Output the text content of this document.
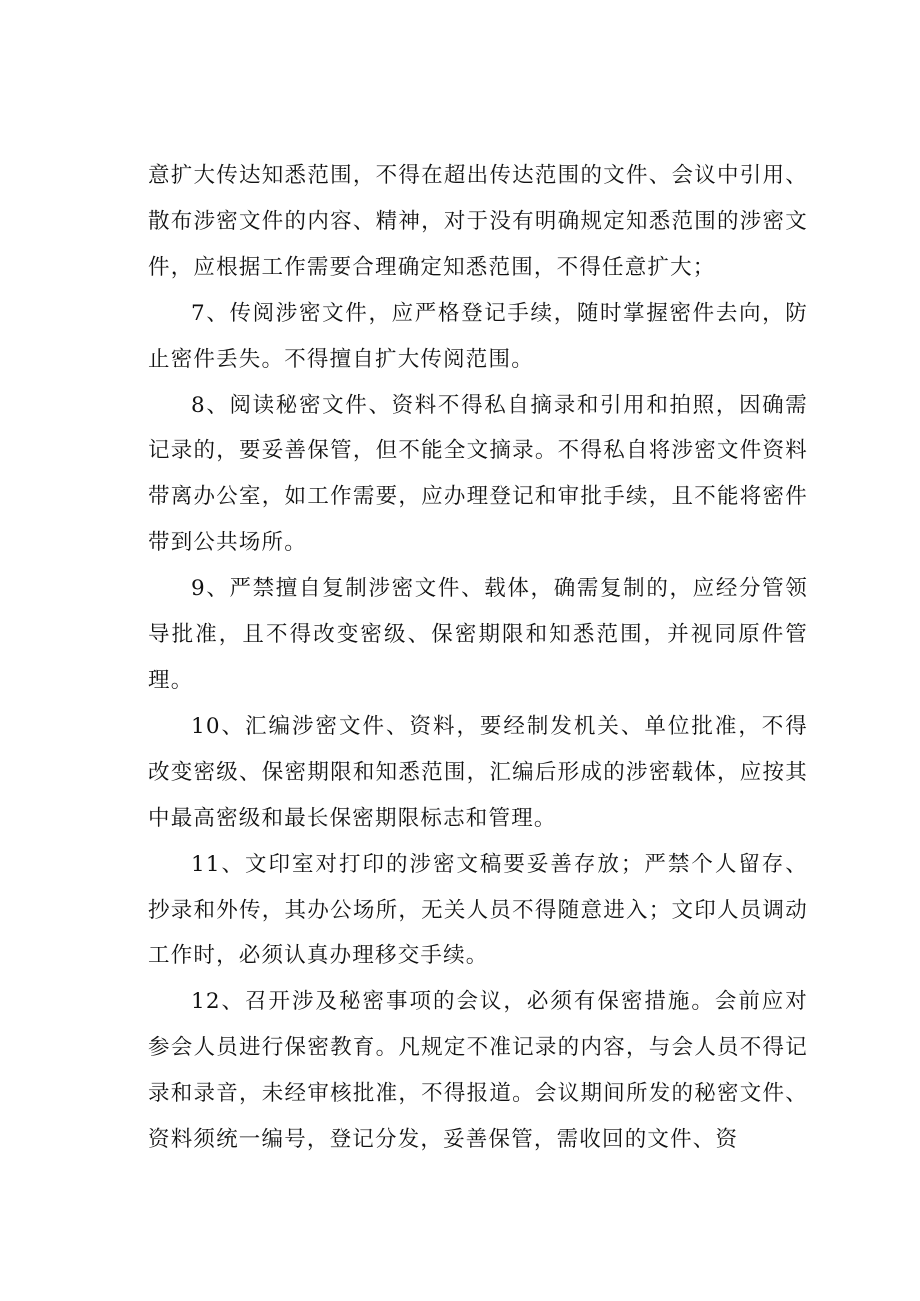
意扩大传达知悉范围，不得在超出传达范围的文件、会议中引用、散布涉密文件的内容、精神，对于没有明确规定知悉范围的涉密文件，应根据工作需要合理确定知悉范围，不得任意扩大；

7、传阅涉密文件，应严格登记手续，随时掌握密件去向，防止密件丢失。不得擅自扩大传阅范围。

8、阅读秘密文件、资料不得私自摘录和引用和拍照，因确需记录的，要妥善保管，但不能全文摘录。不得私自将涉密文件资料带离办公室，如工作需要，应办理登记和审批手续，且不能将密件带到公共场所。

9、严禁擅自复制涉密文件、载体，确需复制的，应经分管领导批准，且不得改变密级、保密期限和知悉范围，并视同原件管理。

10、汇编涉密文件、资料，要经制发机关、单位批准，不得改变密级、保密期限和知悉范围，汇编后形成的涉密载体，应按其中最高密级和最长保密期限标志和管理。

11、文印室对打印的涉密文稿要妥善存放；严禁个人留存、抄录和外传，其办公场所，无关人员不得随意进入；文印人员调动工作时，必须认真办理移交手续。

12、召开涉及秘密事项的会议，必须有保密措施。会前应对参会人员进行保密教育。凡规定不准记录的内容，与会人员不得记录和录音，未经审核批准，不得报道。会议期间所发的秘密文件、资料须统一编号，登记分发，妥善保管，需收回的文件、资
